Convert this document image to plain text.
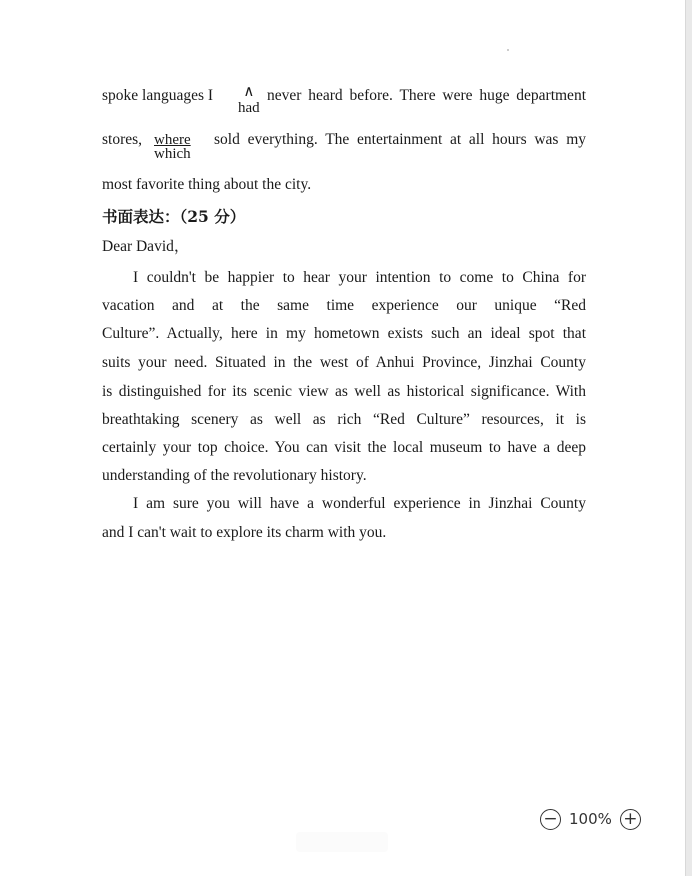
spoke languages I	∧
had
never heard before. There were huge department
stores, where
which
sold everything. The entertainment at all hours was my
most favorite thing about the city.
书面表达：（25 分）
Dear David，
I couldn't be happier to hear your intention to come to China for
vacation and at the same time experience our unique “Red
Culture”. Actually, here in my hometown exists such an ideal spot that
suits your need. Situated in the west of Anhui Province, Jinzhai County
is distinguished for its scenic view as well as historical significance. With
breathtaking scenery as well as rich “Red Culture” resources, it is
certainly your top choice. You can visit the local museum to have a deep
understanding of the revolutionary history.
I am sure you will have a wonderful experience in Jinzhai County
and I can't wait to explore its charm with you.
− 100% +
